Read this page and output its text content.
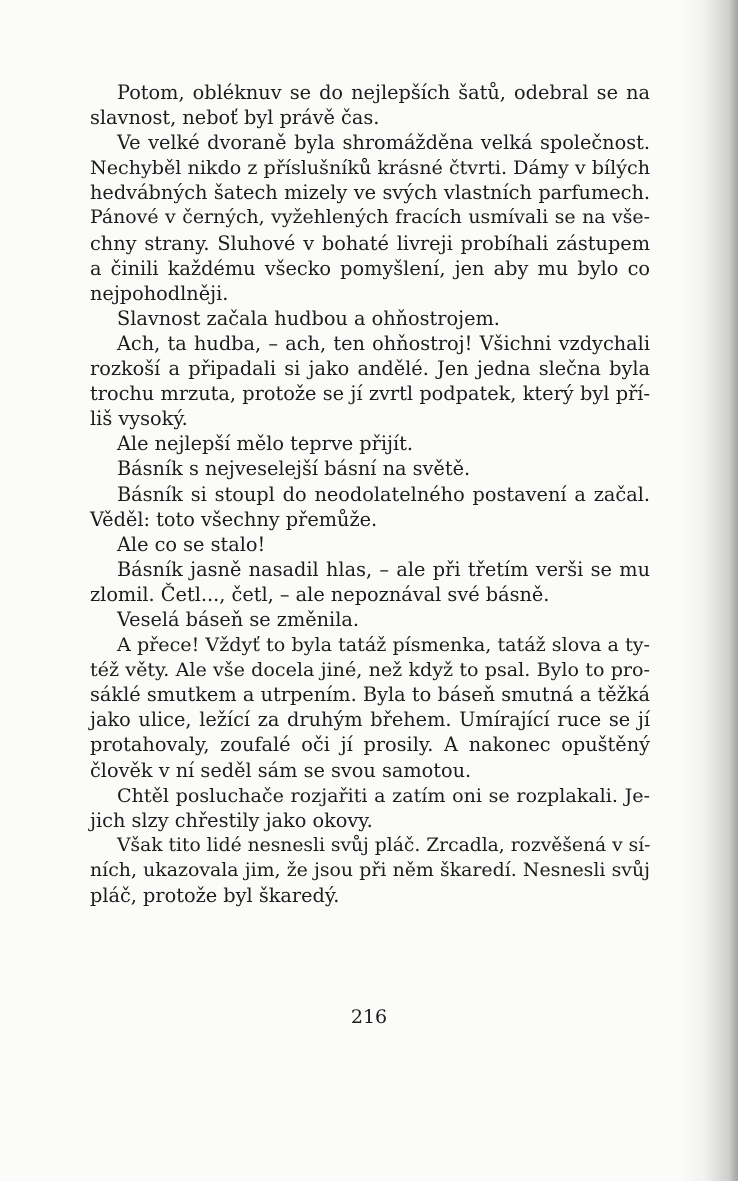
Potom, obléknuv se do nejlepších šatů, odebral se na
slavnost, neboť byl právě čas.
Ve velké dvoraně byla shromážděna velká společnost.
Nechyběl nikdo z příslušníků krásné čtvrti. Dámy v bílých
hedvábných šatech mizely ve svých vlastních parfumech.
Pánové v černých, vyžehlených fracích usmívali se na vše-
chny strany. Sluhové v bohaté livreji probíhali zástupem
a činili každému všecko pomyšlení, jen aby mu bylo co
nejpohodlněji.
Slavnost začala hudbou a ohňostrojem.
Ach, ta hudba, – ach, ten ohňostroj! Všichni vzdychali
rozkoší a připadali si jako andělé. Jen jedna slečna byla
trochu mrzuta, protože se jí zvrtl podpatek, který byl pří-
liš vysoký.
Ale nejlepší mělo teprve přijít.
Básník s nejveselejší básní na světě.
Básník si stoupl do neodolatelného postavení a začal.
Věděl: toto všechny přemůže.
Ale co se stalo!
Básník jasně nasadil hlas, – ale při třetím verši se mu
zlomil. Četl..., četl, – ale nepoznával své básně.
Veselá báseň se změnila.
A přece! Vždyť to byla tatáž písmenka, tatáž slova a ty-
též věty. Ale vše docela jiné, než když to psal. Bylo to pro-
sáklé smutkem a utrpením. Byla to báseň smutná a těžká
jako ulice, ležící za druhým břehem. Umírající ruce se jí
protahovaly, zoufalé oči jí prosily. A nakonec opuštěný
člověk v ní seděl sám se svou samotou.
Chtěl posluchače rozjařiti a zatím oni se rozplakali. Je-
jich slzy chřestily jako okovy.
Však tito lidé nesnesli svůj pláč. Zrcadla, rozvěšená v sí-
ních, ukazovala jim, že jsou při něm škaredí. Nesnesli svůj
pláč, protože byl škaredý.
216
